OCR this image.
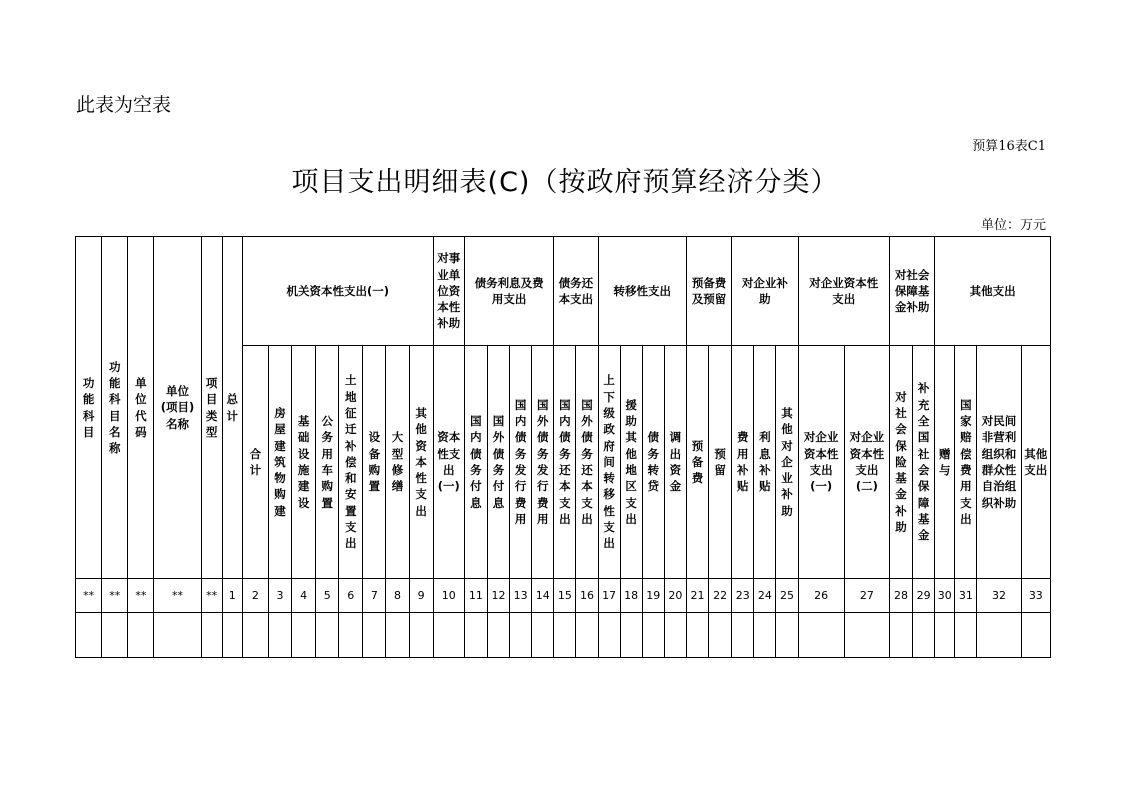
此表为空表
预算16表C1
项目支出明细表(C)（按政府预算经济分类）
单位：万元
功能科目	功能科目名称	单位代码	单位(项目)名称	项目类型	总计	机关资本性支出(一)								对事业单位资本性补助	债务利息及费用支出				债务还本支出		转移性支出				预备费及预留		对企业补助			对企业资本性支出		对社会保障基金补助		其他支出			
						合计	房屋建筑物购建	基础设施建设	公务用车购置	土地征迁补偿和安置支出	设备购置	大型修缮	其他资本性支出	资本性支出(一)	国内债务付息	国外债务付息	国内债务发行费用	国外债务发行费用	国内债务还本支出	国外债务还本支出	上下级政府间转移性支出	援助其他地区支出	债务转贷	调出资金	预备费	预留	费用补贴	利息补贴	其他对企业补助	对企业资本性支出(一)	对企业资本性支出(二)	对社会保险基金补助	补充全国社会保障基金	赠与	国家赔偿费用支出	对民间非营利组织和群众性自治组织补助	其他支出
**	**	**	**	**	1	2	3	4	5	6	7	8	9	10	11	12	13	14	15	16	17	18	19	20	21	22	23	24	25	26	27	28	29	30	31	32	33
